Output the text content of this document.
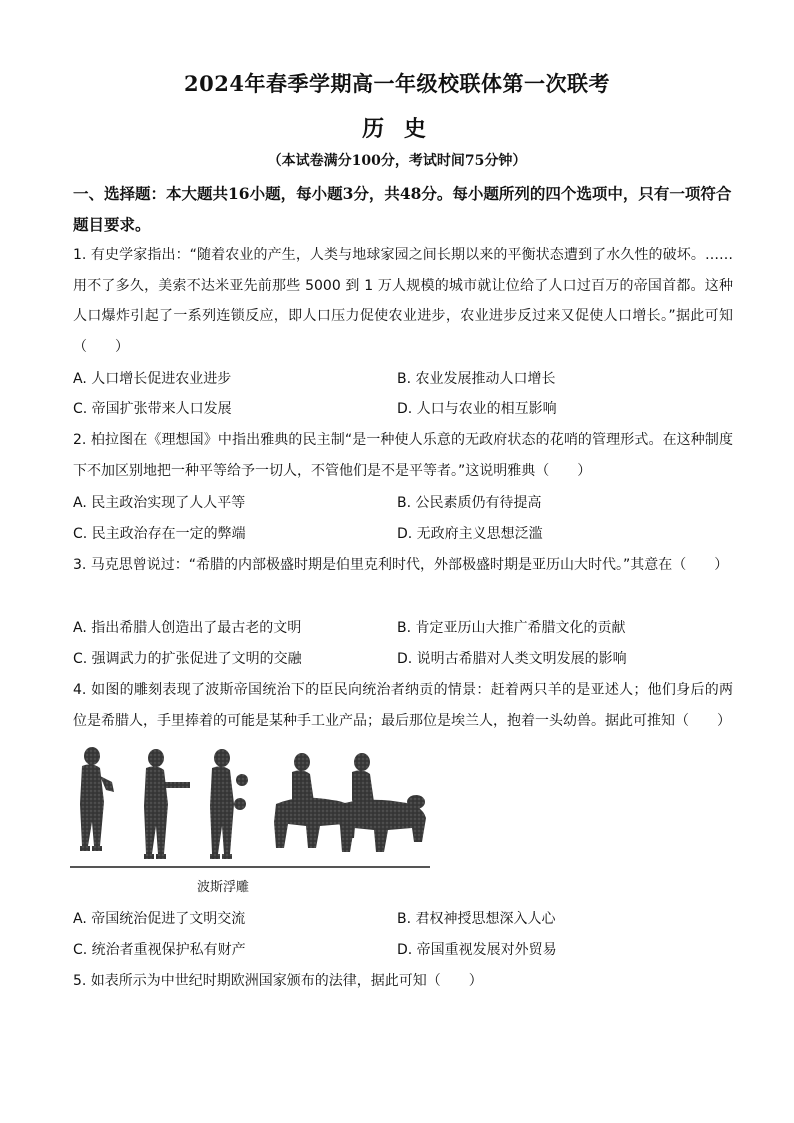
2024年春季学期高一年级校联体第一次联考
历 史
（本试卷满分100分，考试时间75分钟）
一、选择题：本大题共16小题，每小题3分，共48分。每小题所列的四个选项中，只有一项符合题目要求。
1. 有史学家指出：“随着农业的产生，人类与地球家园之间长期以来的平衡状态遭到了水久性的破坏。……用不了多久，美索不达米亚先前那些 5000 到 1 万人规模的城市就让位给了人口过百万的帝国首都。这种人口爆炸引起了一系列连锁反应，即人口压力促使农业进步，农业进步反过来又促使人口增长。”据此可知（　　）
A. 人口增长促进农业进步	B. 农业发展推动人口增长
C. 帝国扩张带来人口发展	D. 人口与农业的相互影响
2. 柏拉图在《理想国》中指出雅典的民主制“是一种使人乐意的无政府状态的花哨的管理形式。在这种制度下不加区别地把一种平等给予一切人，不管他们是不是平等者。”这说明雅典（　　）
A. 民主政治实现了人人平等	B. 公民素质仍有待提高
C. 民主政治存在一定的弊端	D. 无政府主义思想泛滥
3. 马克思曾说过：“希腊的内部极盛时期是伯里克利时代，外部极盛时期是亚历山大时代。”其意在（　　）
A. 指出希腊人创造出了最古老的文明	B. 肯定亚历山大推广希腊文化的贡献
C. 强调武力的扩张促进了文明的交融	D. 说明古希腊对人类文明发展的影响
4. 如图的雕刻表现了波斯帝国统治下的臣民向统治者纳贡的情景：赶着两只羊的是亚述人；他们身后的两位是希腊人，手里捧着的可能是某种手工业产品；最后那位是埃兰人，抱着一头幼兽。据此可推知（　　）
波斯浮雕
A. 帝国统治促进了文明交流	B. 君权神授思想深入人心
C. 统治者重视保护私有财产	D. 帝国重视发展对外贸易
5. 如表所示为中世纪时期欧洲国家颁布的法律，据此可知（　　）
